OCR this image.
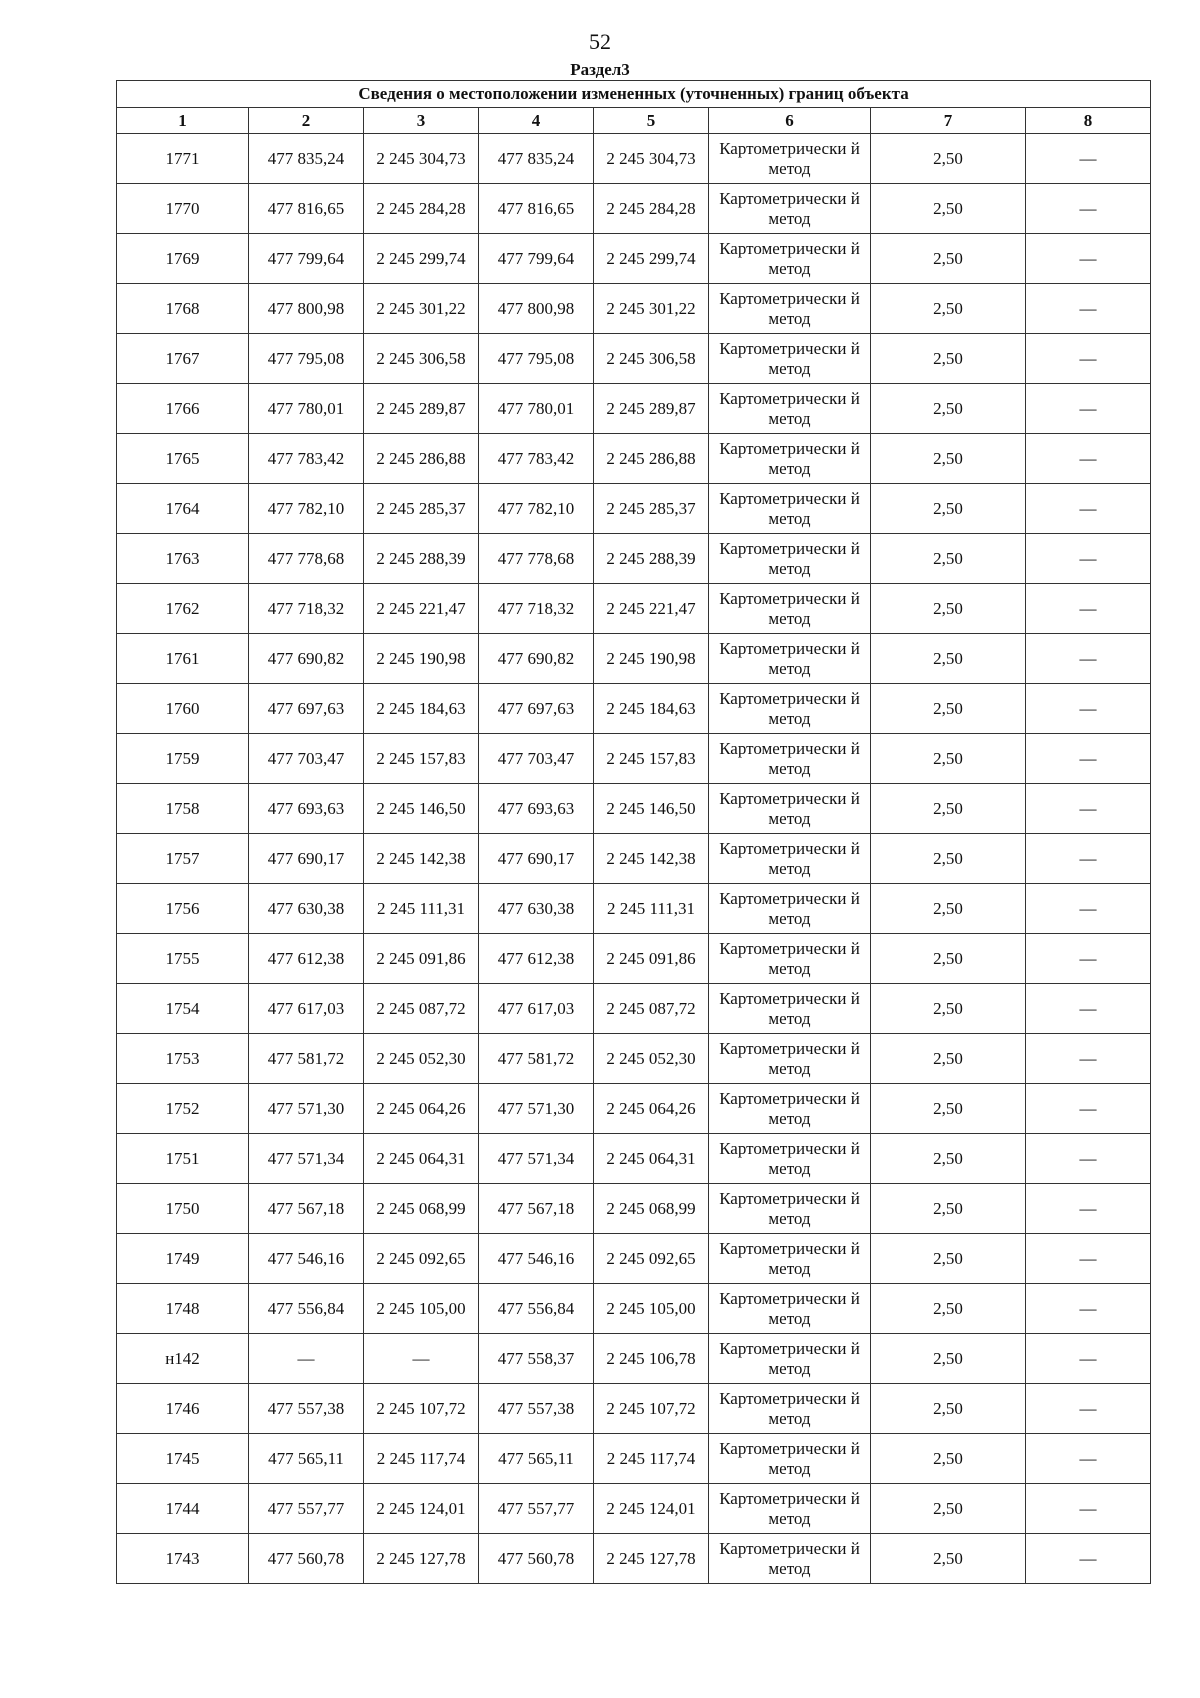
52
Раздел3
Сведения о местоположении измененных (уточненных) границ объекта							
1	2	3	4	5	6	7	8
1771	477 835,24	2 245 304,73	477 835,24	2 245 304,73	Картометрически й метод	2,50	—
1770	477 816,65	2 245 284,28	477 816,65	2 245 284,28	Картометрически й метод	2,50	—
1769	477 799,64	2 245 299,74	477 799,64	2 245 299,74	Картометрически й метод	2,50	—
1768	477 800,98	2 245 301,22	477 800,98	2 245 301,22	Картометрически й метод	2,50	—
1767	477 795,08	2 245 306,58	477 795,08	2 245 306,58	Картометрически й метод	2,50	—
1766	477 780,01	2 245 289,87	477 780,01	2 245 289,87	Картометрически й метод	2,50	—
1765	477 783,42	2 245 286,88	477 783,42	2 245 286,88	Картометрически й метод	2,50	—
1764	477 782,10	2 245 285,37	477 782,10	2 245 285,37	Картометрически й метод	2,50	—
1763	477 778,68	2 245 288,39	477 778,68	2 245 288,39	Картометрически й метод	2,50	—
1762	477 718,32	2 245 221,47	477 718,32	2 245 221,47	Картометрически й метод	2,50	—
1761	477 690,82	2 245 190,98	477 690,82	2 245 190,98	Картометрически й метод	2,50	—
1760	477 697,63	2 245 184,63	477 697,63	2 245 184,63	Картометрически й метод	2,50	—
1759	477 703,47	2 245 157,83	477 703,47	2 245 157,83	Картометрически й метод	2,50	—
1758	477 693,63	2 245 146,50	477 693,63	2 245 146,50	Картометрически й метод	2,50	—
1757	477 690,17	2 245 142,38	477 690,17	2 245 142,38	Картометрически й метод	2,50	—
1756	477 630,38	2 245 111,31	477 630,38	2 245 111,31	Картометрически й метод	2,50	—
1755	477 612,38	2 245 091,86	477 612,38	2 245 091,86	Картометрически й метод	2,50	—
1754	477 617,03	2 245 087,72	477 617,03	2 245 087,72	Картометрически й метод	2,50	—
1753	477 581,72	2 245 052,30	477 581,72	2 245 052,30	Картометрически й метод	2,50	—
1752	477 571,30	2 245 064,26	477 571,30	2 245 064,26	Картометрически й метод	2,50	—
1751	477 571,34	2 245 064,31	477 571,34	2 245 064,31	Картометрически й метод	2,50	—
1750	477 567,18	2 245 068,99	477 567,18	2 245 068,99	Картометрически й метод	2,50	—
1749	477 546,16	2 245 092,65	477 546,16	2 245 092,65	Картометрически й метод	2,50	—
1748	477 556,84	2 245 105,00	477 556,84	2 245 105,00	Картометрически й метод	2,50	—
н142	—	—	477 558,37	2 245 106,78	Картометрически й метод	2,50	—
1746	477 557,38	2 245 107,72	477 557,38	2 245 107,72	Картометрически й метод	2,50	—
1745	477 565,11	2 245 117,74	477 565,11	2 245 117,74	Картометрически й метод	2,50	—
1744	477 557,77	2 245 124,01	477 557,77	2 245 124,01	Картометрически й метод	2,50	—
1743	477 560,78	2 245 127,78	477 560,78	2 245 127,78	Картометрически й метод	2,50	—
